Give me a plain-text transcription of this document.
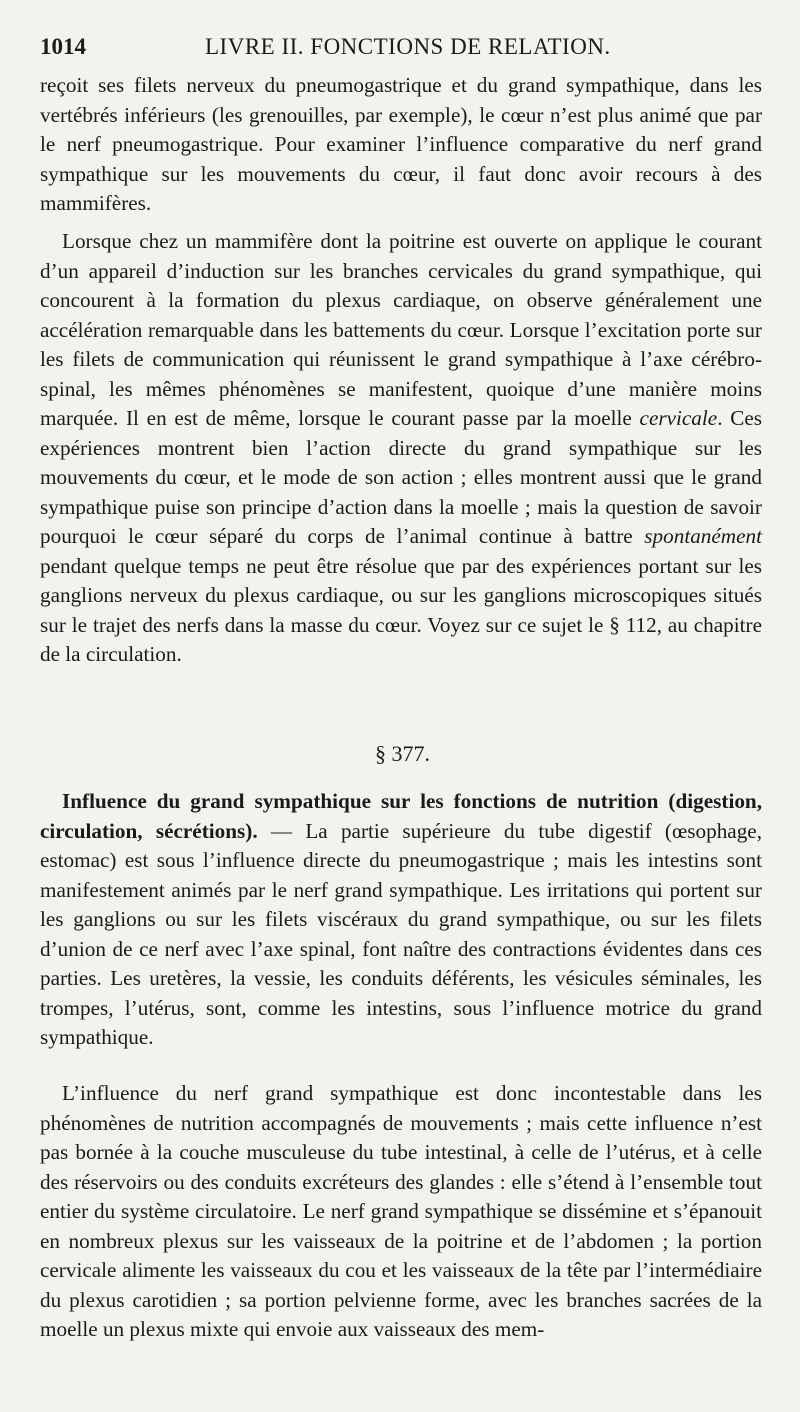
1014	LIVRE II. FONCTIONS DE RELATION.

reçoit ses filets nerveux du pneumogastrique et du grand sympathique, dans les vertébrés inférieurs (les grenouilles, par exemple), le cœur n’est plus animé que par le nerf pneumogastrique. Pour examiner l’influence comparative du nerf grand sympathique sur les mouvements du cœur, il faut donc avoir recours à des mammifères.

Lorsque chez un mammifère dont la poitrine est ouverte on applique le courant d’un appareil d’induction sur les branches cervicales du grand sympathique, qui concourent à la formation du plexus cardiaque, on observe généralement une accélération remarquable dans les battements du cœur. Lorsque l’excitation porte sur les filets de communication qui réunissent le grand sympathique à l’axe cérébro-spinal, les mêmes phénomènes se manifestent, quoique d’une manière moins marquée. Il en est de même, lorsque le courant passe par la moelle cervicale. Ces expériences montrent bien l’action directe du grand sympathique sur les mouvements du cœur, et le mode de son action ; elles montrent aussi que le grand sympathique puise son principe d’action dans la moelle ; mais la question de savoir pourquoi le cœur séparé du corps de l’animal continue à battre spontanément pendant quelque temps ne peut être résolue que par des expériences portant sur les ganglions nerveux du plexus cardiaque, ou sur les ganglions microscopiques situés sur le trajet des nerfs dans la masse du cœur. Voyez sur ce sujet le § 112, au chapitre de la circulation.

§ 377.

Influence du grand sympathique sur les fonctions de nutrition (digestion, circulation, sécrétions). — La partie supérieure du tube digestif (œsophage, estomac) est sous l’influence directe du pneumogastrique ; mais les intestins sont manifestement animés par le nerf grand sympathique. Les irritations qui portent sur les ganglions ou sur les filets viscéraux du grand sympathique, ou sur les filets d’union de ce nerf avec l’axe spinal, font naître des contractions évidentes dans ces parties. Les uretères, la vessie, les conduits déférents, les vésicules séminales, les trompes, l’utérus, sont, comme les intestins, sous l’influence motrice du grand sympathique.

L’influence du nerf grand sympathique est donc incontestable dans les phénomènes de nutrition accompagnés de mouvements ; mais cette influence n’est pas bornée à la couche musculeuse du tube intestinal, à celle de l’utérus, et à celle des réservoirs ou des conduits excréteurs des glandes : elle s’étend à l’ensemble tout entier du système circulatoire. Le nerf grand sympathique se dissémine et s’épanouit en nombreux plexus sur les vaisseaux de la poitrine et de l’abdomen ; la portion cervicale alimente les vaisseaux du cou et les vaisseaux de la tête par l’intermédiaire du plexus carotidien ; sa portion pelvienne forme, avec les branches sacrées de la moelle un plexus mixte qui envoie aux vaisseaux des mem-
